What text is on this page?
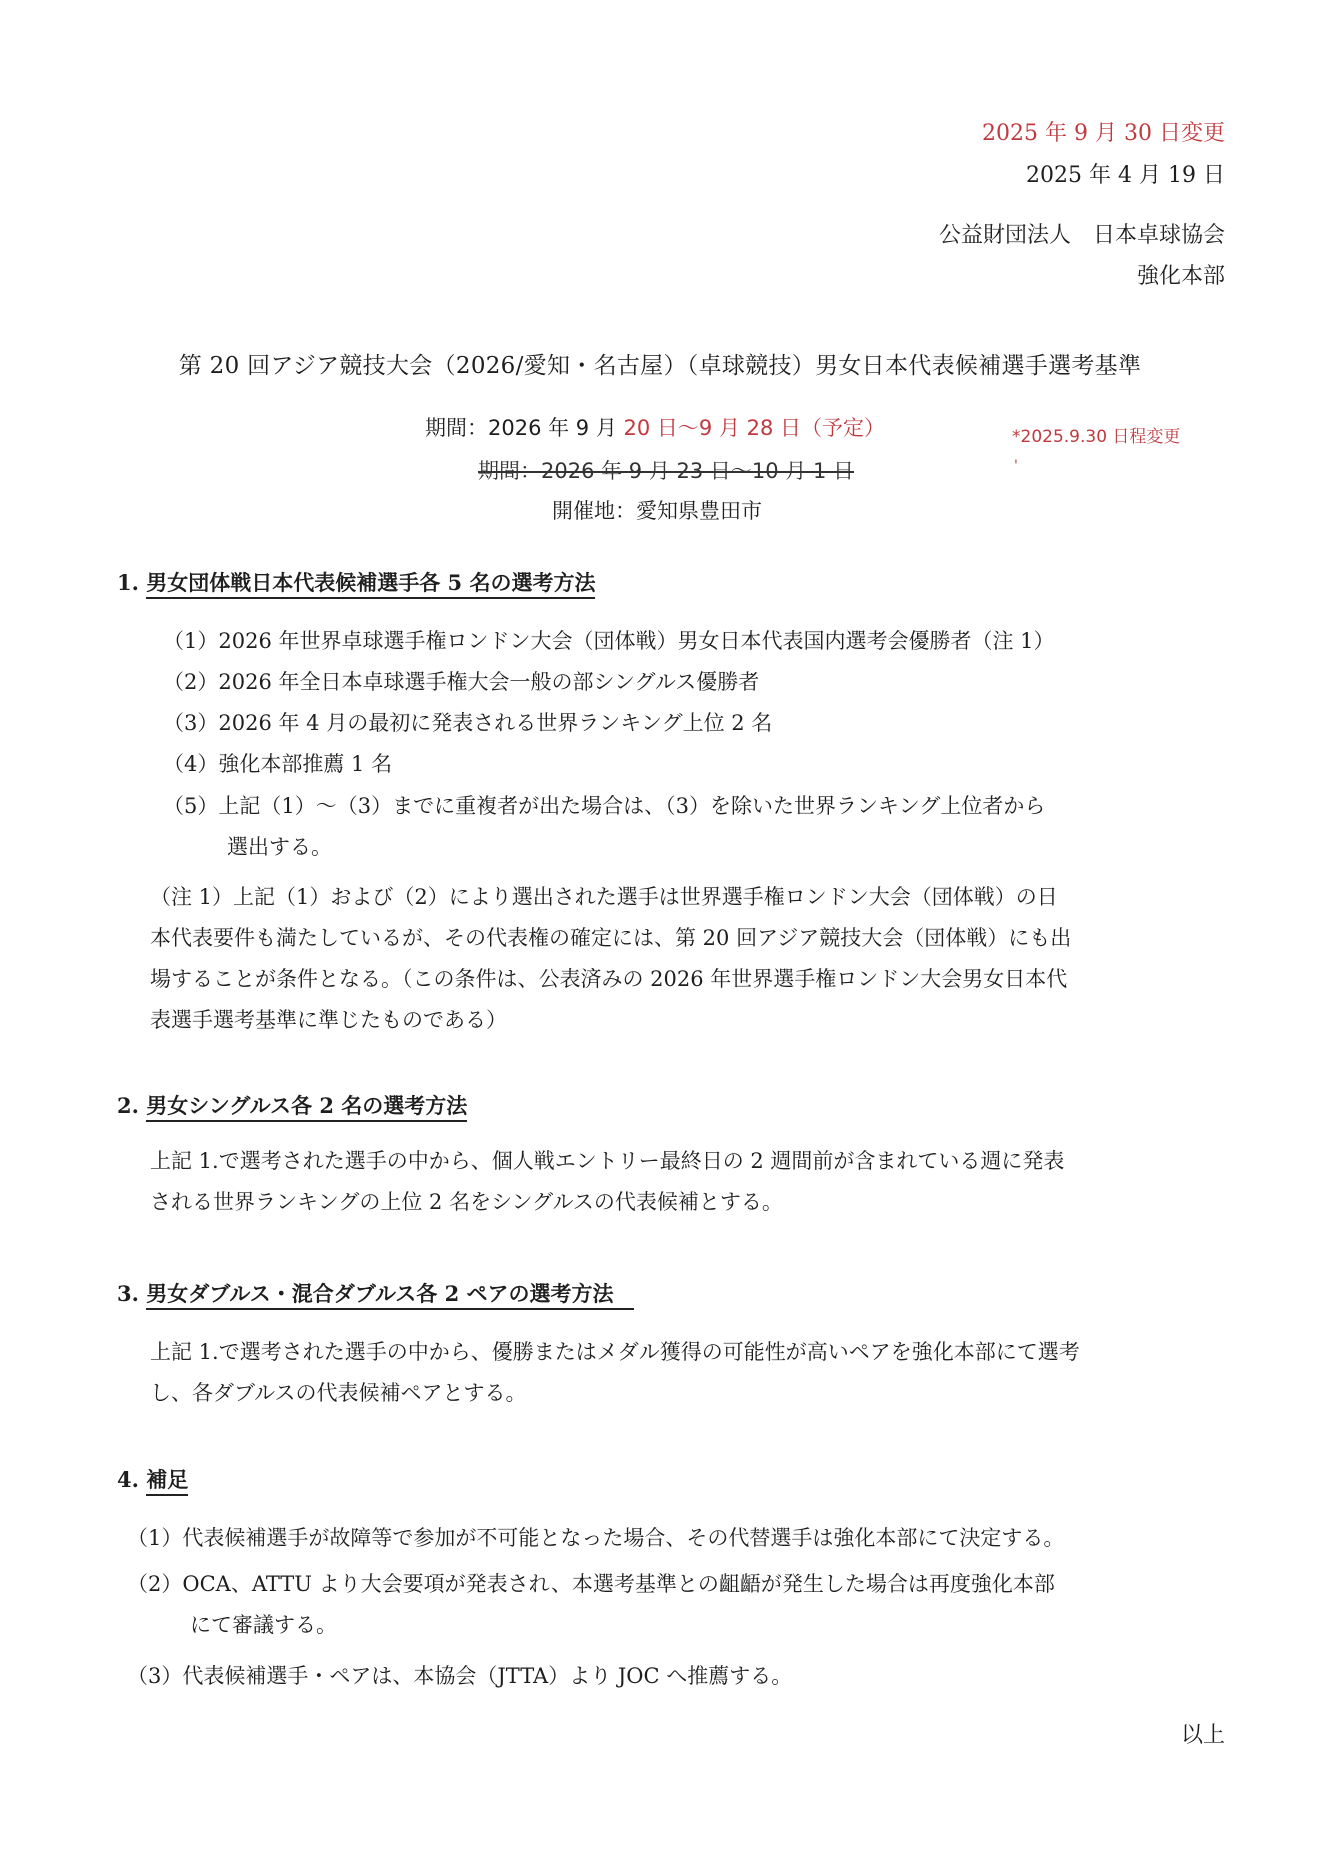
2025 年 9 月 30 日変更
2025 年 4 月 19 日
公益財団法人　日本卓球協会
強化本部
第 20 回アジア競技大会（2026/愛知・名古屋）（卓球競技）男女日本代表候補選手選考基準
期間：2026 年 9 月 20 日〜9 月 28 日（予定）	*2025.9.30 日程変更
'
期間：2026 年 9 月 23 日〜10 月 1 日
開催地：愛知県豊田市
1. 男女団体戦日本代表候補選手各 5 名の選考方法
（1）2026 年世界卓球選手権ロンドン大会（団体戦）男女日本代表国内選考会優勝者（注 1）
（2）2026 年全日本卓球選手権大会一般の部シングルス優勝者
（3）2026 年 4 月の最初に発表される世界ランキング上位 2 名
（4）強化本部推薦 1 名
（5）上記（1）〜（3）までに重複者が出た場合は、（3）を除いた世界ランキング上位者から
選出する。
（注 1）上記（1）および（2）により選出された選手は世界選手権ロンドン大会（団体戦）の日
本代表要件も満たしているが、その代表権の確定には、第 20 回アジア競技大会（団体戦）にも出
場することが条件となる。（この条件は、公表済みの 2026 年世界選手権ロンドン大会男女日本代
表選手選考基準に準じたものである）
2. 男女シングルス各 2 名の選考方法
上記 1.で選考された選手の中から、個人戦エントリー最終日の 2 週間前が含まれている週に発表
される世界ランキングの上位 2 名をシングルスの代表候補とする。
3. 男女ダブルス・混合ダブルス各 2 ペアの選考方法
上記 1.で選考された選手の中から、優勝またはメダル獲得の可能性が高いペアを強化本部にて選考
し、各ダブルスの代表候補ペアとする。
4. 補足
（1）代表候補選手が故障等で参加が不可能となった場合、その代替選手は強化本部にて決定する。
（2）OCA、ATTU より大会要項が発表され、本選考基準との齟齬が発生した場合は再度強化本部
にて審議する。
（3）代表候補選手・ペアは、本協会（JTTA）より JOC へ推薦する。
以上
